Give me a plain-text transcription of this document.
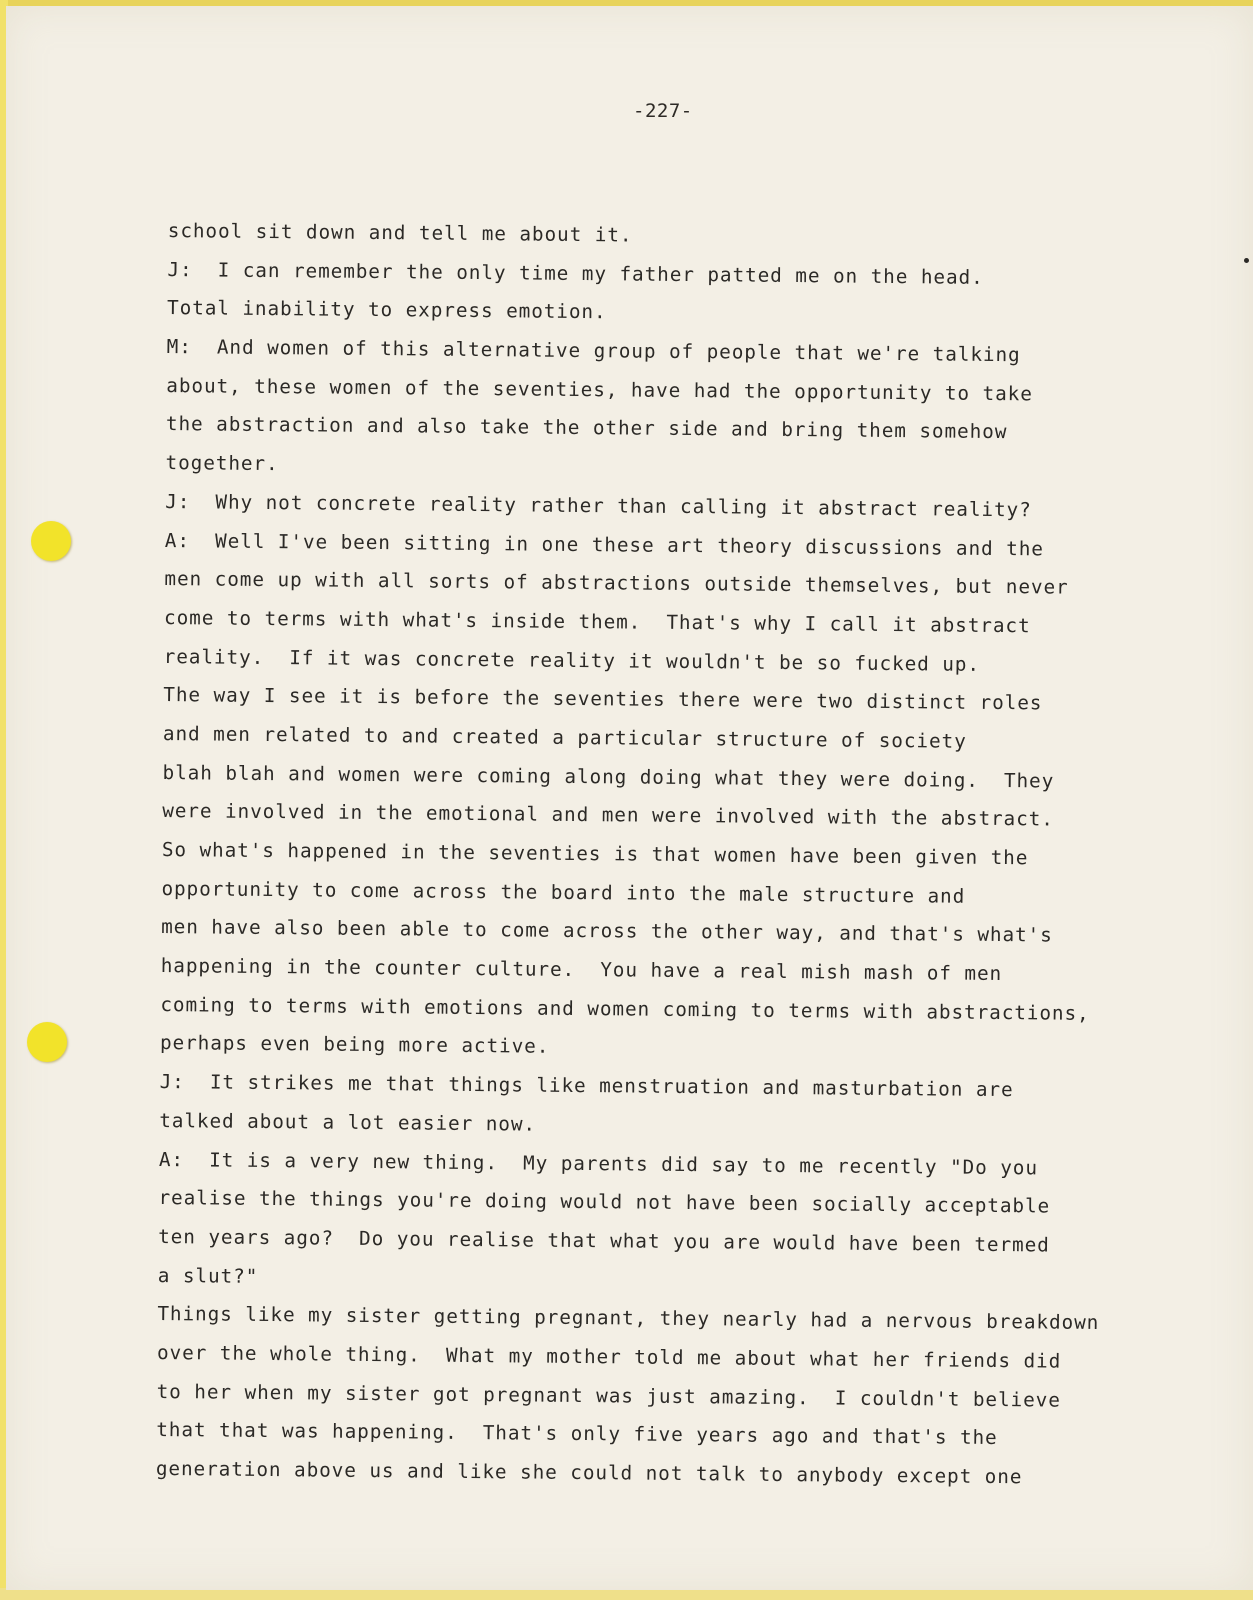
-227-
school sit down and tell me about it.
J:  I can remember the only time my father patted me on the head.
Total inability to express emotion.
M:  And women of this alternative group of people that we're talking
about, these women of the seventies, have had the opportunity to take
the abstraction and also take the other side and bring them somehow
together.
J:  Why not concrete reality rather than calling it abstract reality?
A:  Well I've been sitting in one these art theory discussions and the
men come up with all sorts of abstractions outside themselves, but never
come to terms with what's inside them.  That's why I call it abstract
reality.  If it was concrete reality it wouldn't be so fucked up.
The way I see it is before the seventies there were two distinct roles
and men related to and created a particular structure of society
blah blah and women were coming along doing what they were doing.  They
were involved in the emotional and men were involved with the abstract.
So what's happened in the seventies is that women have been given the
opportunity to come across the board into the male structure and
men have also been able to come across the other way, and that's what's
happening in the counter culture.  You have a real mish mash of men
coming to terms with emotions and women coming to terms with abstractions,
perhaps even being more active.
J:  It strikes me that things like menstruation and masturbation are
talked about a lot easier now.
A:  It is a very new thing.  My parents did say to me recently "Do you
realise the things you're doing would not have been socially acceptable
ten years ago?  Do you realise that what you are would have been termed
a slut?"
Things like my sister getting pregnant, they nearly had a nervous breakdown
over the whole thing.  What my mother told me about what her friends did
to her when my sister got pregnant was just amazing.  I couldn't believe
that that was happening.  That's only five years ago and that's the
generation above us and like she could not talk to anybody except one
